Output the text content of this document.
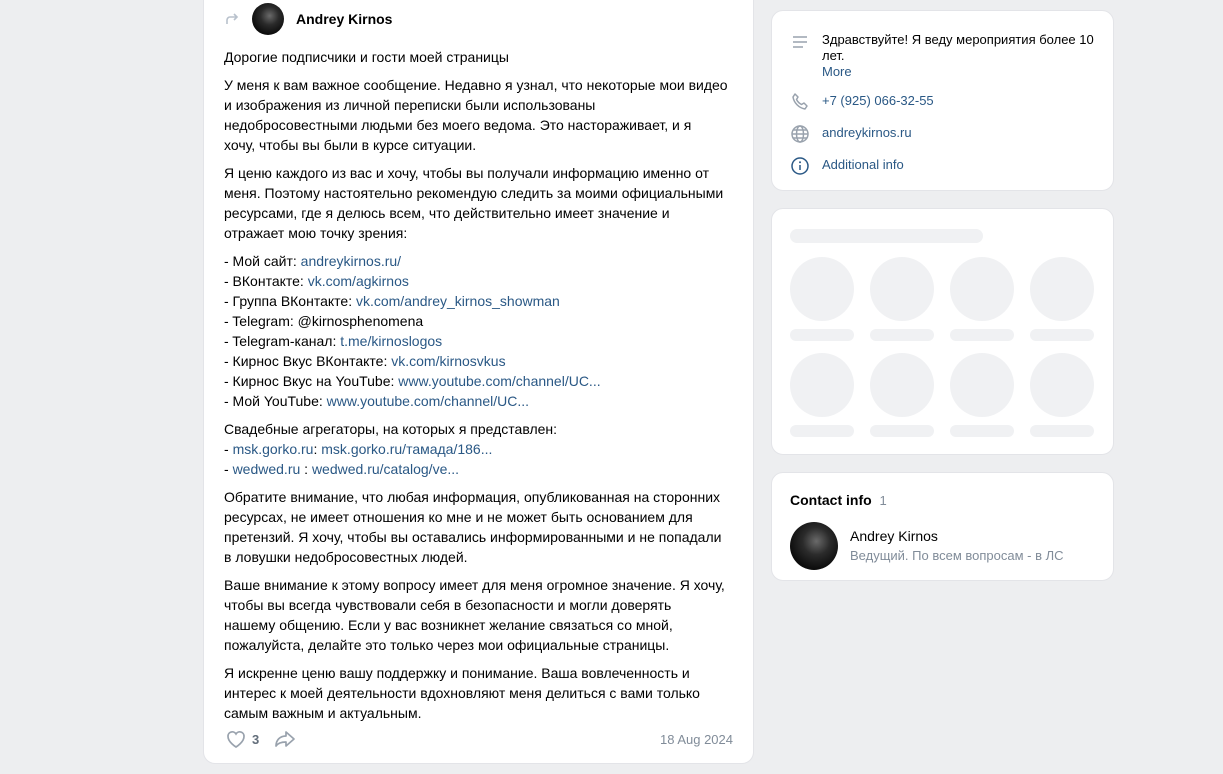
Andrey Kirnos

Дорогие подписчики и гости моей страницы

У меня к вам важное сообщение. Недавно я узнал, что некоторые мои видео
и изображения из личной переписки были использованы
недобросовестными людьми без моего ведома. Это настораживает, и я
хочу, чтобы вы были в курсе ситуации.

Я ценю каждого из вас и хочу, чтобы вы получали информацию именно от
меня. Поэтому настоятельно рекомендую следить за моими официальными
ресурсами, где я делюсь всем, что действительно имеет значение и
отражает мою точку зрения:

- Мой сайт: andreykirnos.ru/
- ВКонтакте: vk.com/agkirnos
- Группа ВКонтакте: vk.com/andrey_kirnos_showman
- Telegram: @kirnosphenomena
- Telegram-канал: t.me/kirnoslogos
- Кирнос Вкус ВКонтакте: vk.com/kirnosvkus
- Кирнос Вкус на YouTube: www.youtube.com/channel/UC...
- Мой YouTube: www.youtube.com/channel/UC...

Свадебные агрегаторы, на которых я представлен:
- msk.gorko.ru: msk.gorko.ru/тамада/186...
- wedwed.ru : wedwed.ru/catalog/ve...

Обратите внимание, что любая информация, опубликованная на сторонних
ресурсах, не имеет отношения ко мне и не может быть основанием для
претензий. Я хочу, чтобы вы оставались информированными и не попадали
в ловушки недобросовестных людей.

Ваше внимание к этому вопросу имеет для меня огромное значение. Я хочу,
чтобы вы всегда чувствовали себя в безопасности и могли доверять
нашему общению. Если у вас возникнет желание связаться со мной,
пожалуйста, делайте это только через мои официальные страницы.

Я искренне ценю вашу поддержку и понимание. Ваша вовлеченность и
интерес к моей деятельности вдохновляют меня делиться с вами только
самым важным и актуальным.

3	18 Aug 2024
Здравствуйте! Я веду мероприятия более 10 лет.
More
+7 (925) 066-32-55
andreykirnos.ru
Additional info
Contact info 1
Andrey Kirnos
Ведущий. По всем вопросам - в ЛС
